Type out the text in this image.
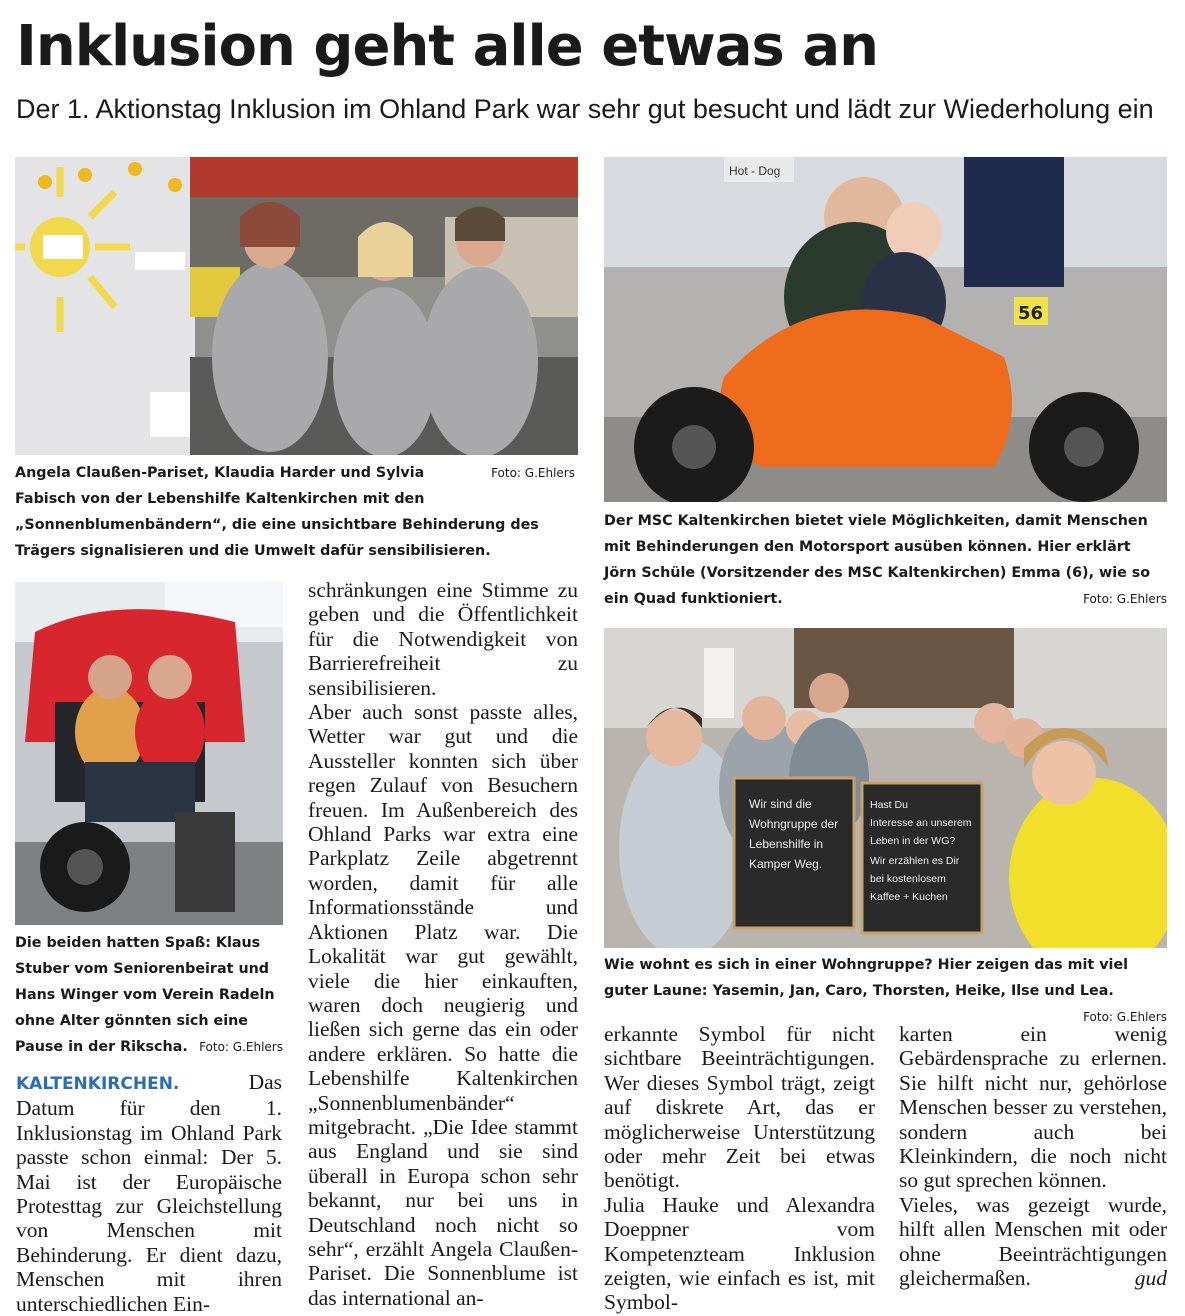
Inklusion geht alle etwas an
Der 1. Aktionstag Inklusion im Ohland Park war sehr gut besucht und lädt zur Wiederholung ein

Foto: G.Ehlers
Angela Claußen-Pariset, Klaudia Harder und Sylvia Fabisch von der Lebenshilfe Kaltenkirchen mit den „Sonnenblumenbändern“, die eine unsichtbare Behinderung des Trägers signalisieren und die Umwelt dafür sensibilisieren.

Hot - Dog
56

Der MSC Kaltenkirchen bietet viele Möglichkeiten, damit Menschen mit Behinderungen den Motorsport ausüben können. Hier erklärt Jörn Schüle (Vorsitzender des MSC Kaltenkirchen) Emma (6), wie so ein Quad funktioniert.	Foto: G.Ehlers

Die beiden hatten Spaß: Klaus Stuber vom Seniorenbeirat und Hans Winger vom Verein Radeln ohne Alter gönnten sich eine Pause in der Rikscha. Foto: G.Ehlers

Wir sind die Wohngruppe der Lebenshilfe in Kamper Weg.
Hast Du Interesse an unserem Leben in der WG? Wir erzählen es Dir bei kostenlosem Kaffee + Kuchen

Wie wohnt es sich in einer Wohngruppe? Hier zeigen das mit viel guter Laune: Yasemin, Jan, Caro, Thorsten, Heike, Ilse und Lea.
Foto: G.Ehlers

KALTENKIRCHEN.	Das Datum für den 1. Inklusionstag im Ohland Park passte schon einmal: Der 5. Mai ist der Europäische Protesttag zur Gleichstellung von Menschen mit Behinderung. Er dient dazu, Menschen mit ihren unterschiedlichen Ein-

schränkungen eine Stimme zu geben und die Öffentlichkeit für die Notwendigkeit von Barrierefreiheit zu sensibilisieren.

Aber auch sonst passte alles, Wetter war gut und die Aussteller konnten sich über regen Zulauf von Besuchern freuen. Im Außenbereich des Ohland Parks war extra eine Parkplatz Zeile abgetrennt worden, damit für alle Informationsstände und Aktionen Platz war. Die Lokalität war gut gewählt, viele die hier einkauften, waren doch neugierig und ließen sich gerne das ein oder andere erklären. So hatte die Lebenshilfe Kaltenkirchen „Sonnenblumenbänder“ mitgebracht. „Die Idee stammt aus England und sie sind überall in Europa schon sehr bekannt, nur bei uns in Deutschland noch nicht so sehr“, erzählt Angela Claußen-Pariset. Die Sonnenblume ist das international an-

erkannte Symbol für nicht sichtbare Beeinträchtigungen. Wer dieses Symbol trägt, zeigt auf diskrete Art, das er möglicherweise Unterstützung oder mehr Zeit bei etwas benötigt.

Julia Hauke und Alexandra Doeppner vom Kompetenzteam Inklusion zeigten, wie einfach es ist, mit Symbol-

karten ein wenig Gebärdensprache zu erlernen. Sie hilft nicht nur, gehörlose Menschen besser zu verstehen, sondern auch bei Kleinkindern, die noch nicht so gut sprechen können.

Vieles, was gezeigt wurde, hilft allen Menschen mit oder ohne Beeinträchtigungen gleichermaßen.	gud
